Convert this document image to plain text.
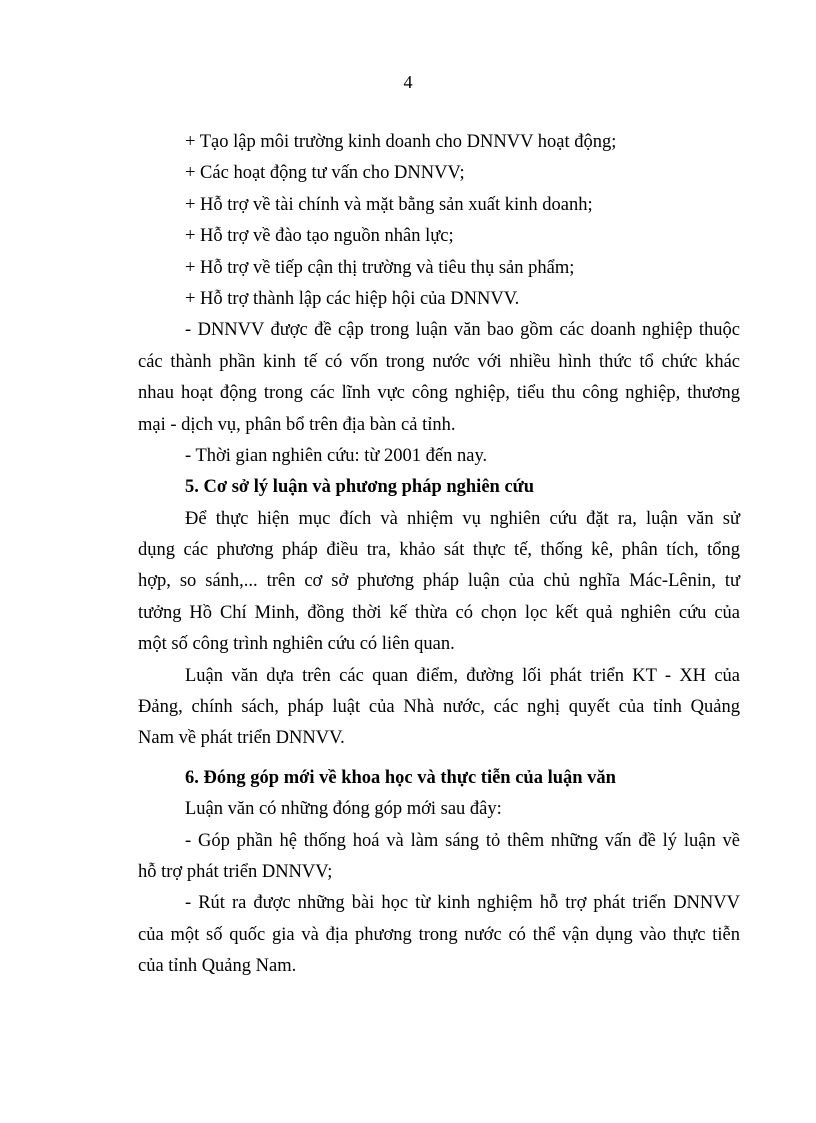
4
+ Tạo lập môi trường kinh doanh cho DNNVV hoạt động;
+ Các hoạt động tư vấn cho DNNVV;
+ Hỗ trợ về tài chính và mặt bằng sản xuất kinh doanh;
+ Hỗ trợ về đào tạo nguồn nhân lực;
+ Hỗ trợ về tiếp cận thị trường và tiêu thụ sản phẩm;
+ Hỗ trợ thành lập các hiệp hội của DNNVV.
- DNNVV được đề cập trong luận văn bao gồm các doanh nghiệp thuộc
các thành phần kinh tế có vốn trong nước với nhiều hình thức tổ chức khác
nhau hoạt động trong các lĩnh vực công nghiệp, tiểu thu công nghiệp, thương
mại - dịch vụ, phân bổ trên địa bàn cả tỉnh.
- Thời gian nghiên cứu: từ 2001 đến nay.
5. Cơ sở lý luận và phương pháp nghiên cứu
Để thực hiện mục đích và nhiệm vụ nghiên cứu đặt ra, luận văn sử
dụng các phương pháp điều tra, khảo sát thực tế, thống kê, phân tích, tổng
hợp, so sánh,... trên cơ sở phương pháp luận của chủ nghĩa Mác-Lênin, tư
tưởng Hồ Chí Minh, đồng thời kế thừa có chọn lọc kết quả nghiên cứu của
một số công trình nghiên cứu có liên quan.
Luận văn dựa trên các quan điểm, đường lối phát triển KT - XH của
Đảng, chính sách, pháp luật của Nhà nước, các nghị quyết của tỉnh Quảng
Nam về phát triển DNNVV.
6. Đóng góp mới về khoa học và thực tiễn của luận văn
Luận văn có những đóng góp mới sau đây:
- Góp phần hệ thống hoá và làm sáng tỏ thêm những vấn đề lý luận về
hỗ trợ phát triển DNNVV;
- Rút ra được những bài học từ kinh nghiệm hỗ trợ phát triển DNNVV
của một số quốc gia và địa phương trong nước có thể vận dụng vào thực tiễn
của tỉnh Quảng Nam.
